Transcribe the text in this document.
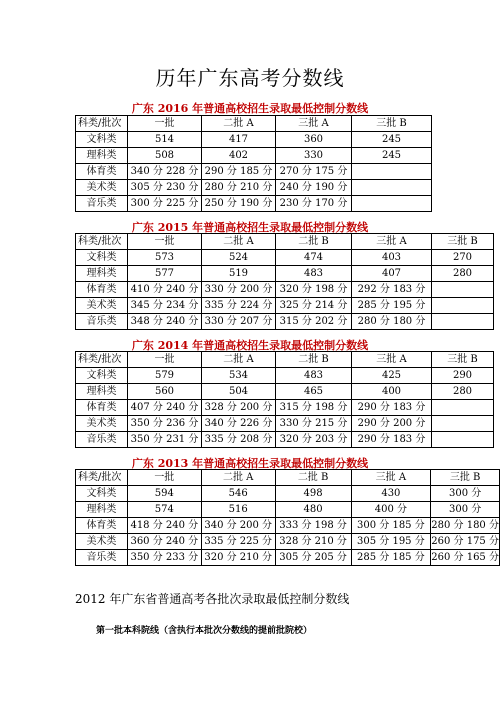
历年广东高考分数线
广东 2016 年普通高校招生录取最低控制分数线
科类/批次	一批	二批 A	三批 A	三批 B
文科类	514	417	360	245
理科类	508	402	330	245
体育类	340 分 228 分	290 分 185 分	270 分 175 分	
美术类	305 分 230 分	280 分 210 分	240 分 190 分	
音乐类	300 分 225 分	250 分 190 分	230 分 170 分	
广东 2015 年普通高校招生录取最低控制分数线
科类/批次	一批	二批 A	二批 B	三批 A	三批 B
文科类	573	524	474	403	270
理科类	577	519	483	407	280
体育类	410 分 240 分	330 分 200 分	320 分 198 分	292 分 183 分	
美术类	345 分 234 分	335 分 224 分	325 分 214 分	285 分 195 分	
音乐类	348 分 240 分	330 分 207 分	315 分 202 分	280 分 180 分	
广东 2014 年普通高校招生录取最低控制分数线
科类/批次	一批	二批 A	二批 B	三批 A	三批 B
文科类	579	534	483	425	290
理科类	560	504	465	400	280
体育类	407 分 240 分	328 分 200 分	315 分 198 分	290 分 183 分	
美术类	350 分 236 分	340 分 226 分	330 分 215 分	290 分 200 分	
音乐类	350 分 231 分	335 分 208 分	320 分 203 分	290 分 183 分	
广东 2013 年普通高校招生录取最低控制分数线
科类/批次	一批	二批 A	二批 B	三批 A	三批 B
文科类	594	546	498	430	300 分
理科类	574	516	480	400 分	300 分
体育类	418 分 240 分	340 分 200 分	333 分 198 分	300 分 185 分	280 分 180 分
美术类	360 分 240 分	335 分 225 分	328 分 210 分	305 分 195 分	260 分 175 分
音乐类	350 分 233 分	320 分 210 分	305 分 205 分	285 分 185 分	260 分 165 分
2012 年广东省普通高考各批次录取最低控制分数线
第一批本科院线（含执行本批次分数线的提前批院校）
